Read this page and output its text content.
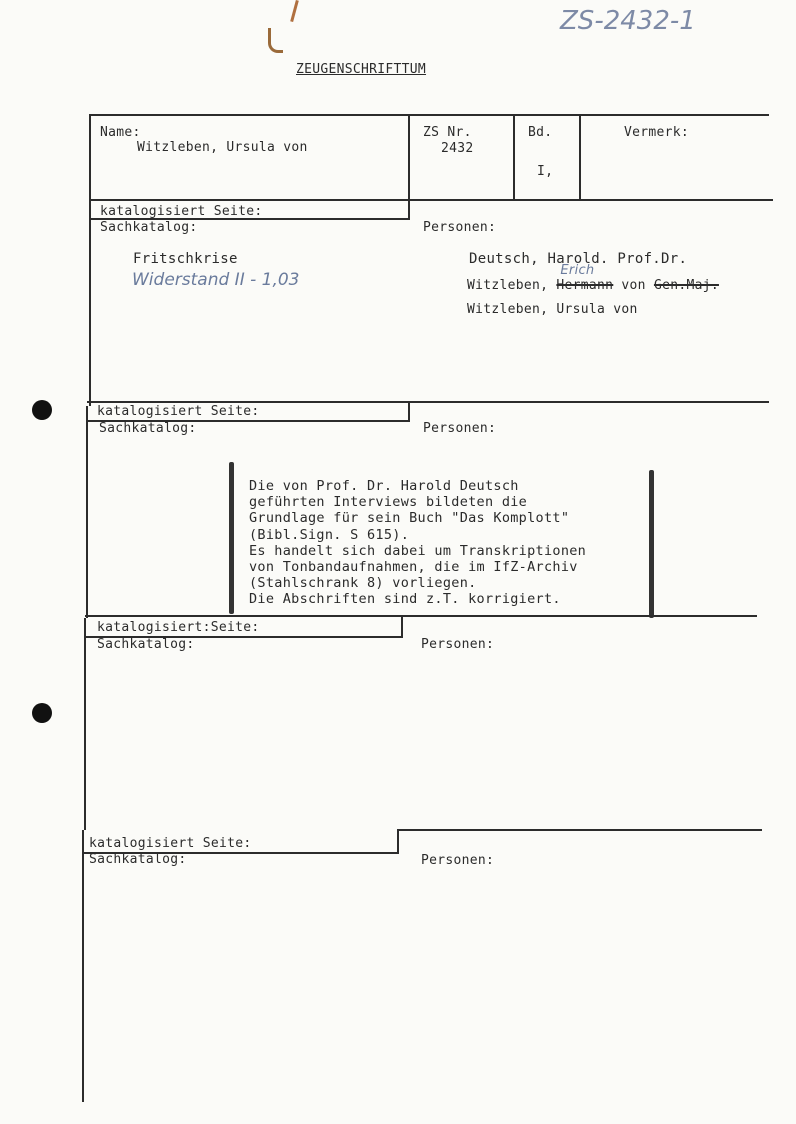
ZS-2432-1
ZEUGENSCHRIFTTUM
Name:
Witzleben, Ursula von
ZS Nr.
2432
Bd.
I,
Vermerk:
katalogisiert Seite:
Sachkatalog:	Personen:
Fritschkrise
Widerstand II - 1,03
Deutsch, Harold. Prof.Dr.
Witzleben, Hermann
Erich
von Gen.Maj.
Witzleben, Ursula von
katalogisiert Seite:
Sachkatalog:	Personen:
Die von Prof. Dr. Harold Deutsch
geführten Interviews bildeten die
Grundlage für sein Buch "Das Komplott"
(Bibl.Sign. S 615).
Es handelt sich dabei um Transkriptionen
von Tonbandaufnahmen, die im IfZ-Archiv
(Stahlschrank 8) vorliegen.
Die Abschriften sind z.T. korrigiert.
katalogisiert:Seite:
Sachkatalog:	Personen:
katalogisiert Seite:
Sachkatalog:	Personen:
